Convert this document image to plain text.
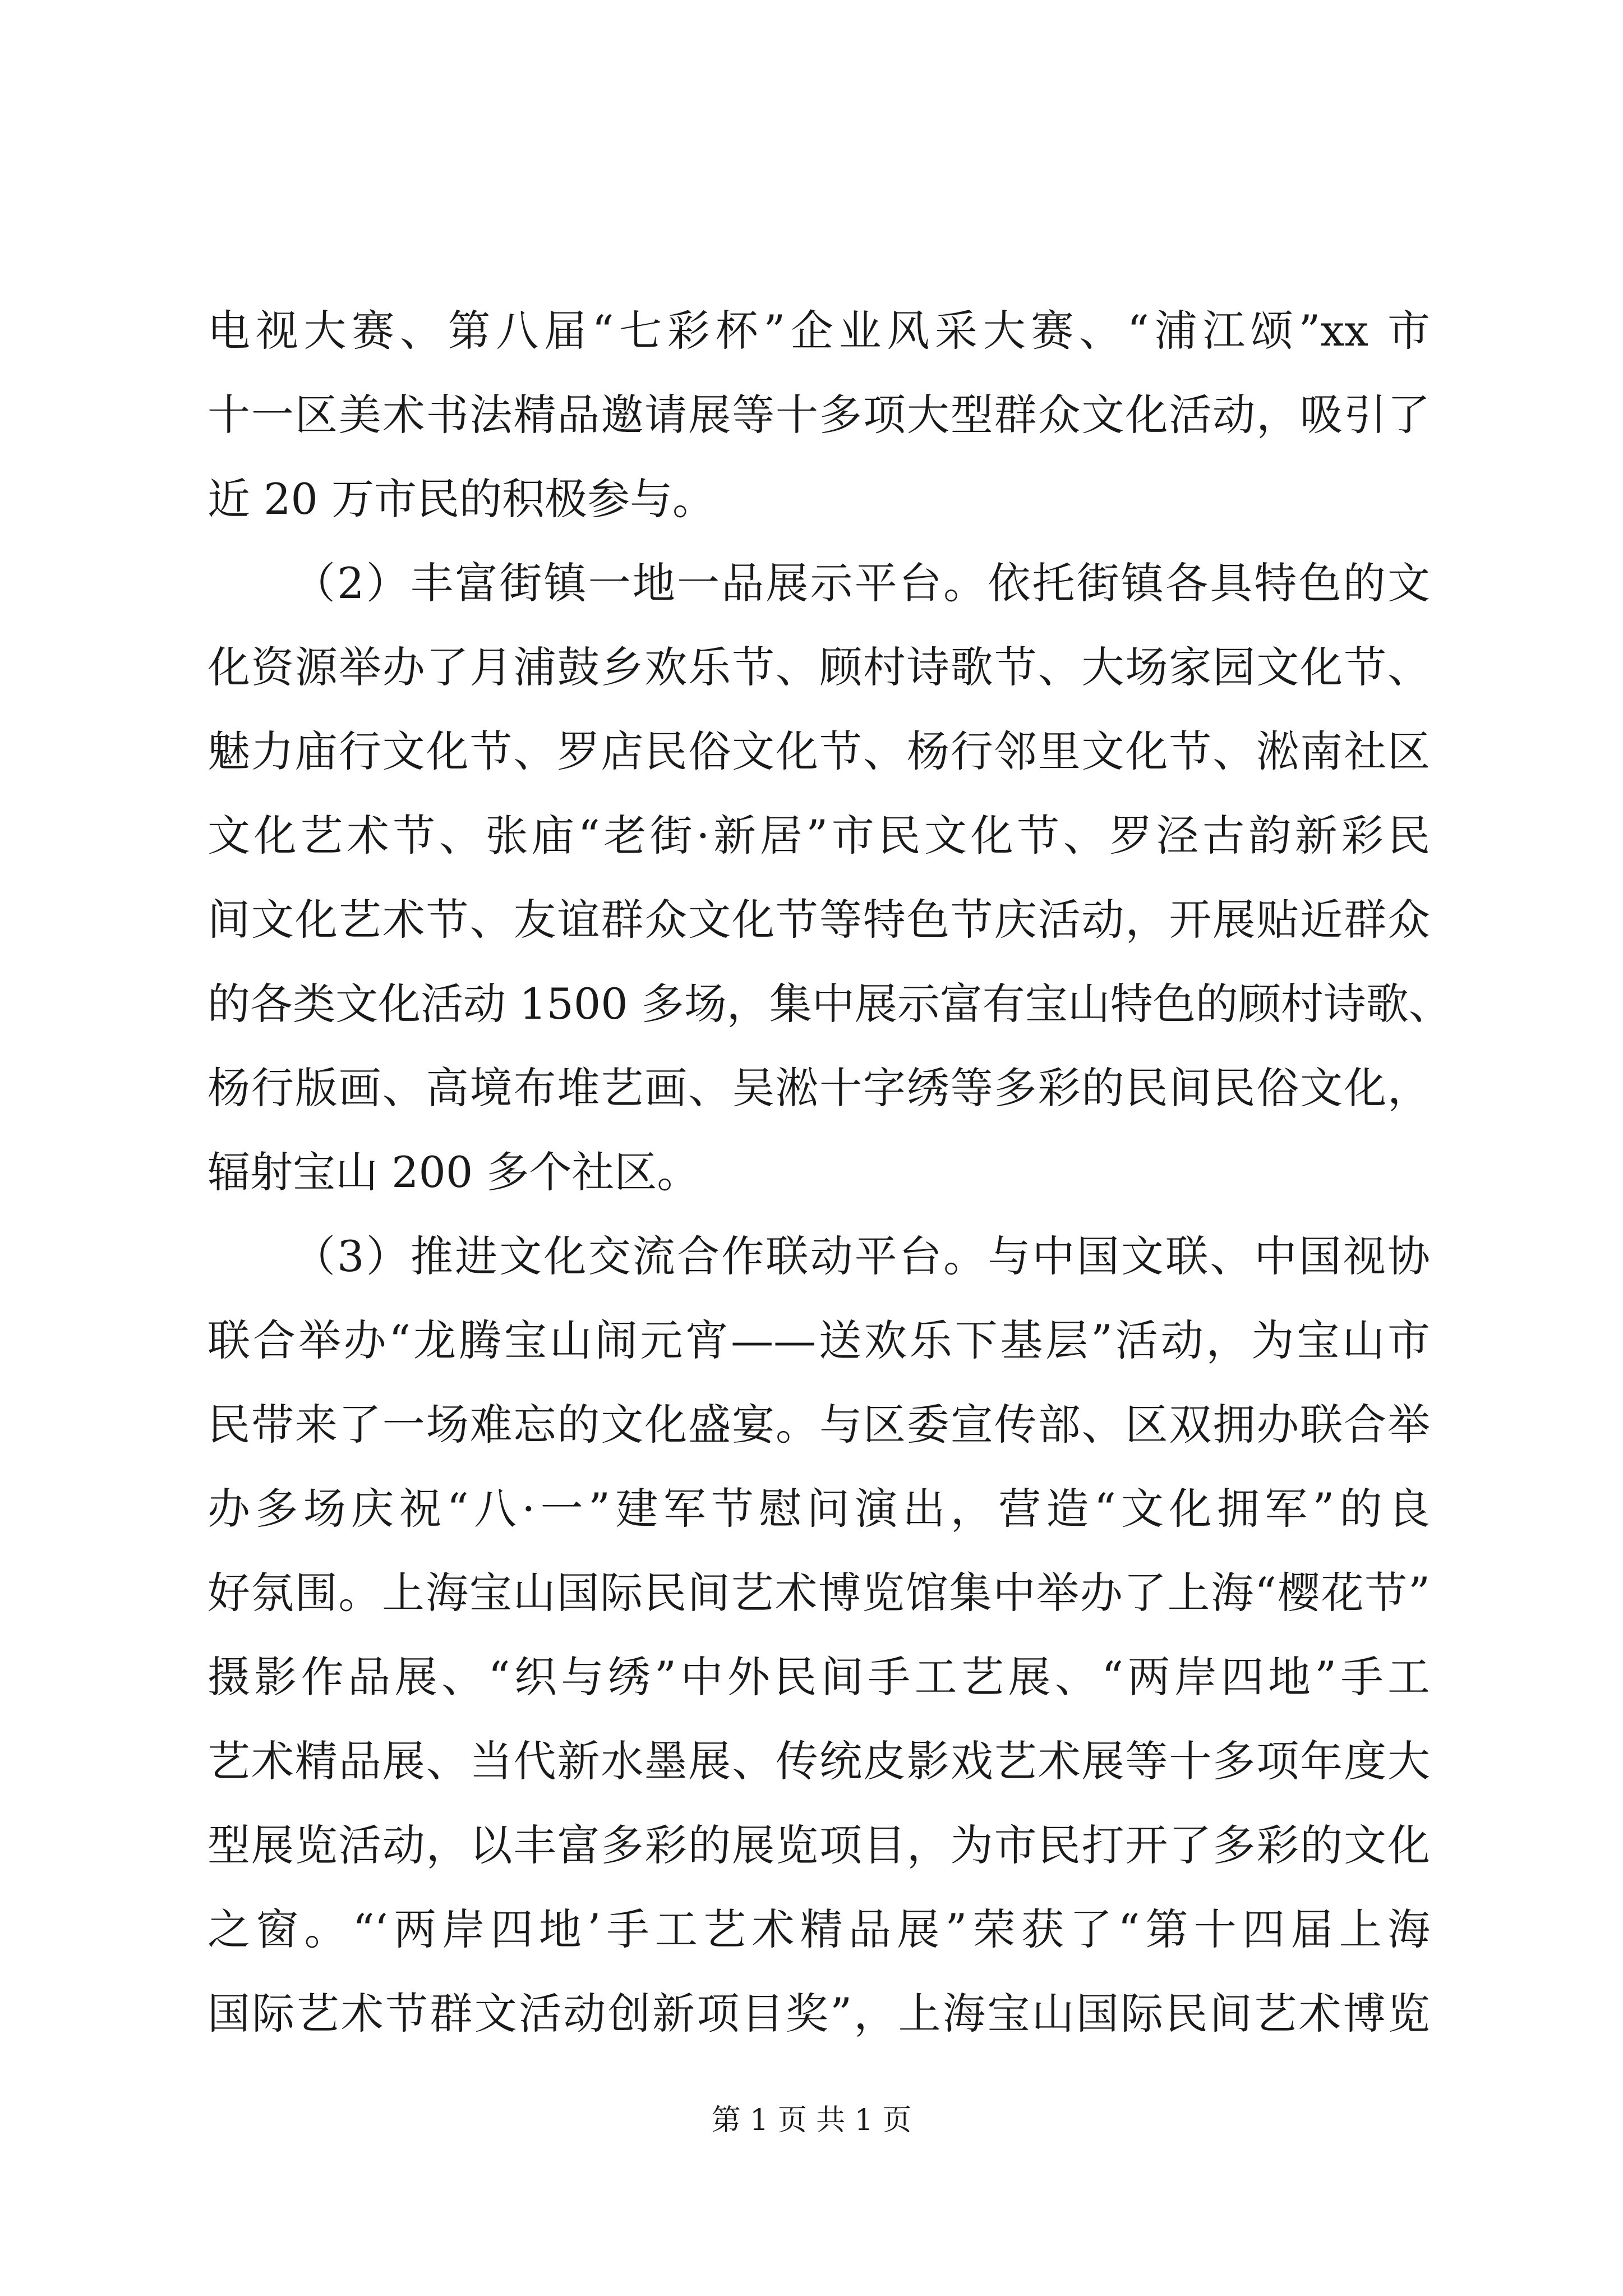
电视大赛、第八届“七彩杯”企业风采大赛、“浦江颂”xx 市
十一区美术书法精品邀请展等十多项大型群众文化活动，吸引了
近 20 万市民的积极参与。
（2）丰富街镇一地一品展示平台。依托街镇各具特色的文
化资源举办了月浦鼓乡欢乐节、顾村诗歌节、大场家园文化节、
魅力庙行文化节、罗店民俗文化节、杨行邻里文化节、淞南社区
文化艺术节、张庙“老街·新居”市民文化节、罗泾古韵新彩民
间文化艺术节、友谊群众文化节等特色节庆活动，开展贴近群众
的各类文化活动 1500 多场，集中展示富有宝山特色的顾村诗歌、
杨行版画、高境布堆艺画、吴淞十字绣等多彩的民间民俗文化，
辐射宝山 200 多个社区。
（3）推进文化交流合作联动平台。与中国文联、中国视协
联合举办“龙腾宝山闹元宵——送欢乐下基层”活动，为宝山市
民带来了一场难忘的文化盛宴。与区委宣传部、区双拥办联合举
办多场庆祝“八·一”建军节慰问演出，营造“文化拥军”的良
好氛围。上海宝山国际民间艺术博览馆集中举办了上海“樱花节”
摄影作品展、“织与绣”中外民间手工艺展、“两岸四地”手工
艺术精品展、当代新水墨展、传统皮影戏艺术展等十多项年度大
型展览活动，以丰富多彩的展览项目，为市民打开了多彩的文化
之窗。“‘两岸四地’手工艺术精品展”荣获了“第十四届上海
国际艺术节群文活动创新项目奖”，上海宝山国际民间艺术博览
第 1 页 共 1 页
